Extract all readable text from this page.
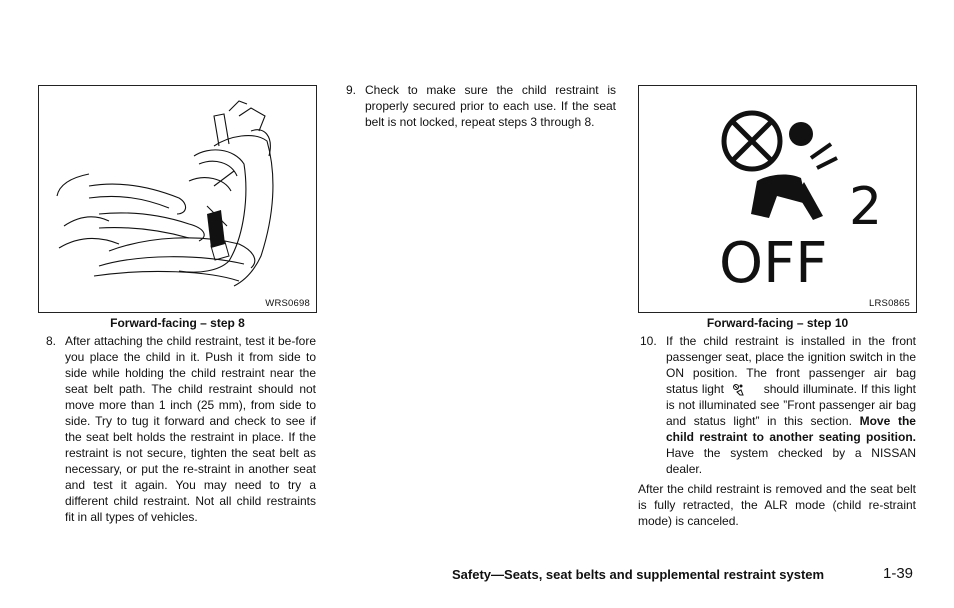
WRS0698
Forward-facing – step 8
8. After attaching the child restraint, test it be-fore you place the child in it. Push it from side to side while holding the child restraint near the seat belt path. The child restraint should not move more than 1 inch (25 mm), from side to side. Try to tug it forward and check to see if the seat belt holds the restraint in place. If the restraint is not secure, tighten the seat belt as necessary, or put the re-straint in another seat and test it again. You may need to try a different child restraint. Not all child restraints fit in all types of vehicles.
9. Check to make sure the child restraint is properly secured prior to each use. If the seat belt is not locked, repeat steps 3 through 8.
2
OFF
LRS0865
Forward-facing – step 10
10. If the child restraint is installed in the front passenger seat, place the ignition switch in the ON position. The front passenger air bag status light	should illuminate. If this light is not illuminated see ”Front passenger air bag and status light” in this section. Move the child restraint to another seating position. Have the system checked by a NISSAN dealer.
After the child restraint is removed and the seat belt is fully retracted, the ALR mode (child re-straint mode) is canceled.
Safety—Seats, seat belts and supplemental restraint system	1-39
